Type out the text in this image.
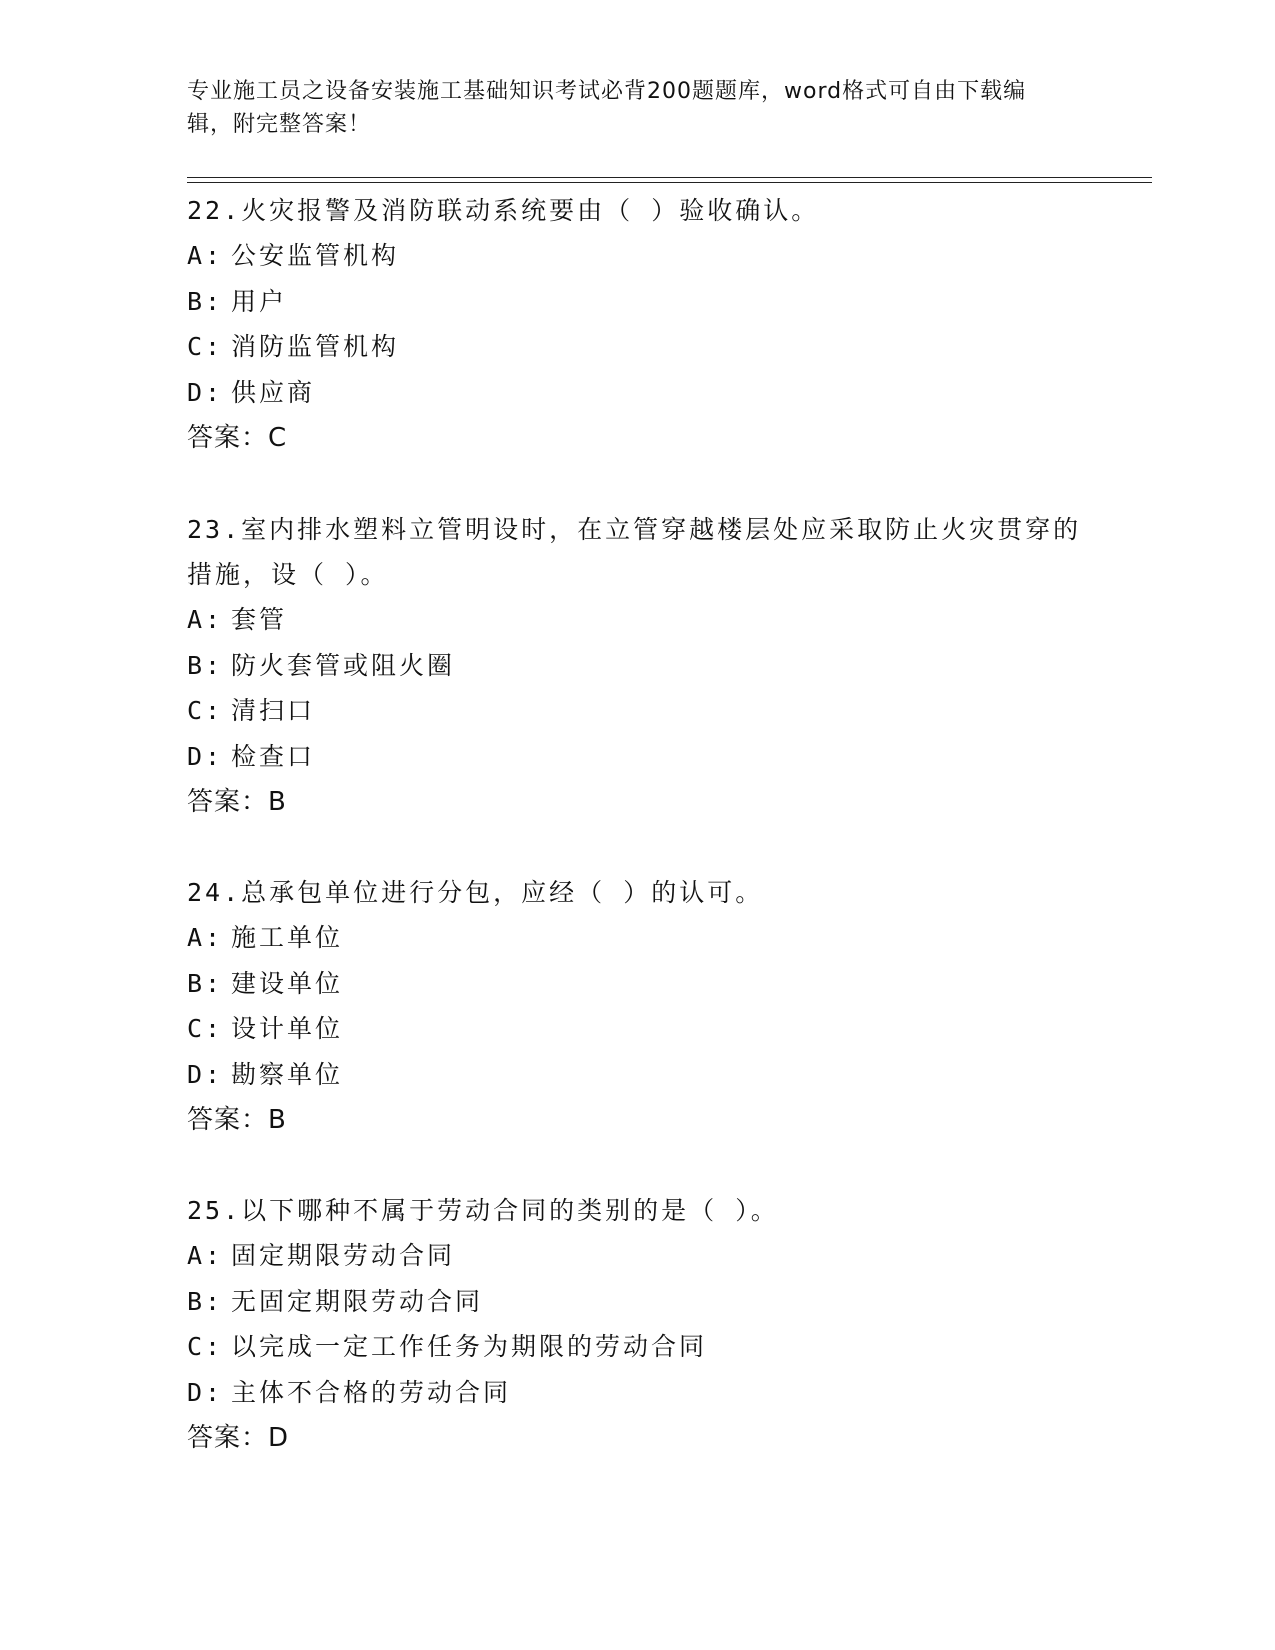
专业施工员之设备安装施工基础知识考试必背200题题库，word格式可自由下载编辑，附完整答案！

22.火灾报警及消防联动系统要由（ ）验收确认。

A: 公安监管机构

B: 用户

C: 消防监管机构

D: 供应商

答案：C

23.室内排水塑料立管明设时，在立管穿越楼层处应采取防止火灾贯穿的措施，设（ ）。

A: 套管

B: 防火套管或阻火圈

C: 清扫口

D: 检查口

答案：B

24.总承包单位进行分包，应经（ ）的认可。

A: 施工单位

B: 建设单位

C: 设计单位

D: 勘察单位

答案：B

25.以下哪种不属于劳动合同的类别的是（ ）。

A: 固定期限劳动合同

B: 无固定期限劳动合同

C: 以完成一定工作任务为期限的劳动合同

D: 主体不合格的劳动合同

答案：D
